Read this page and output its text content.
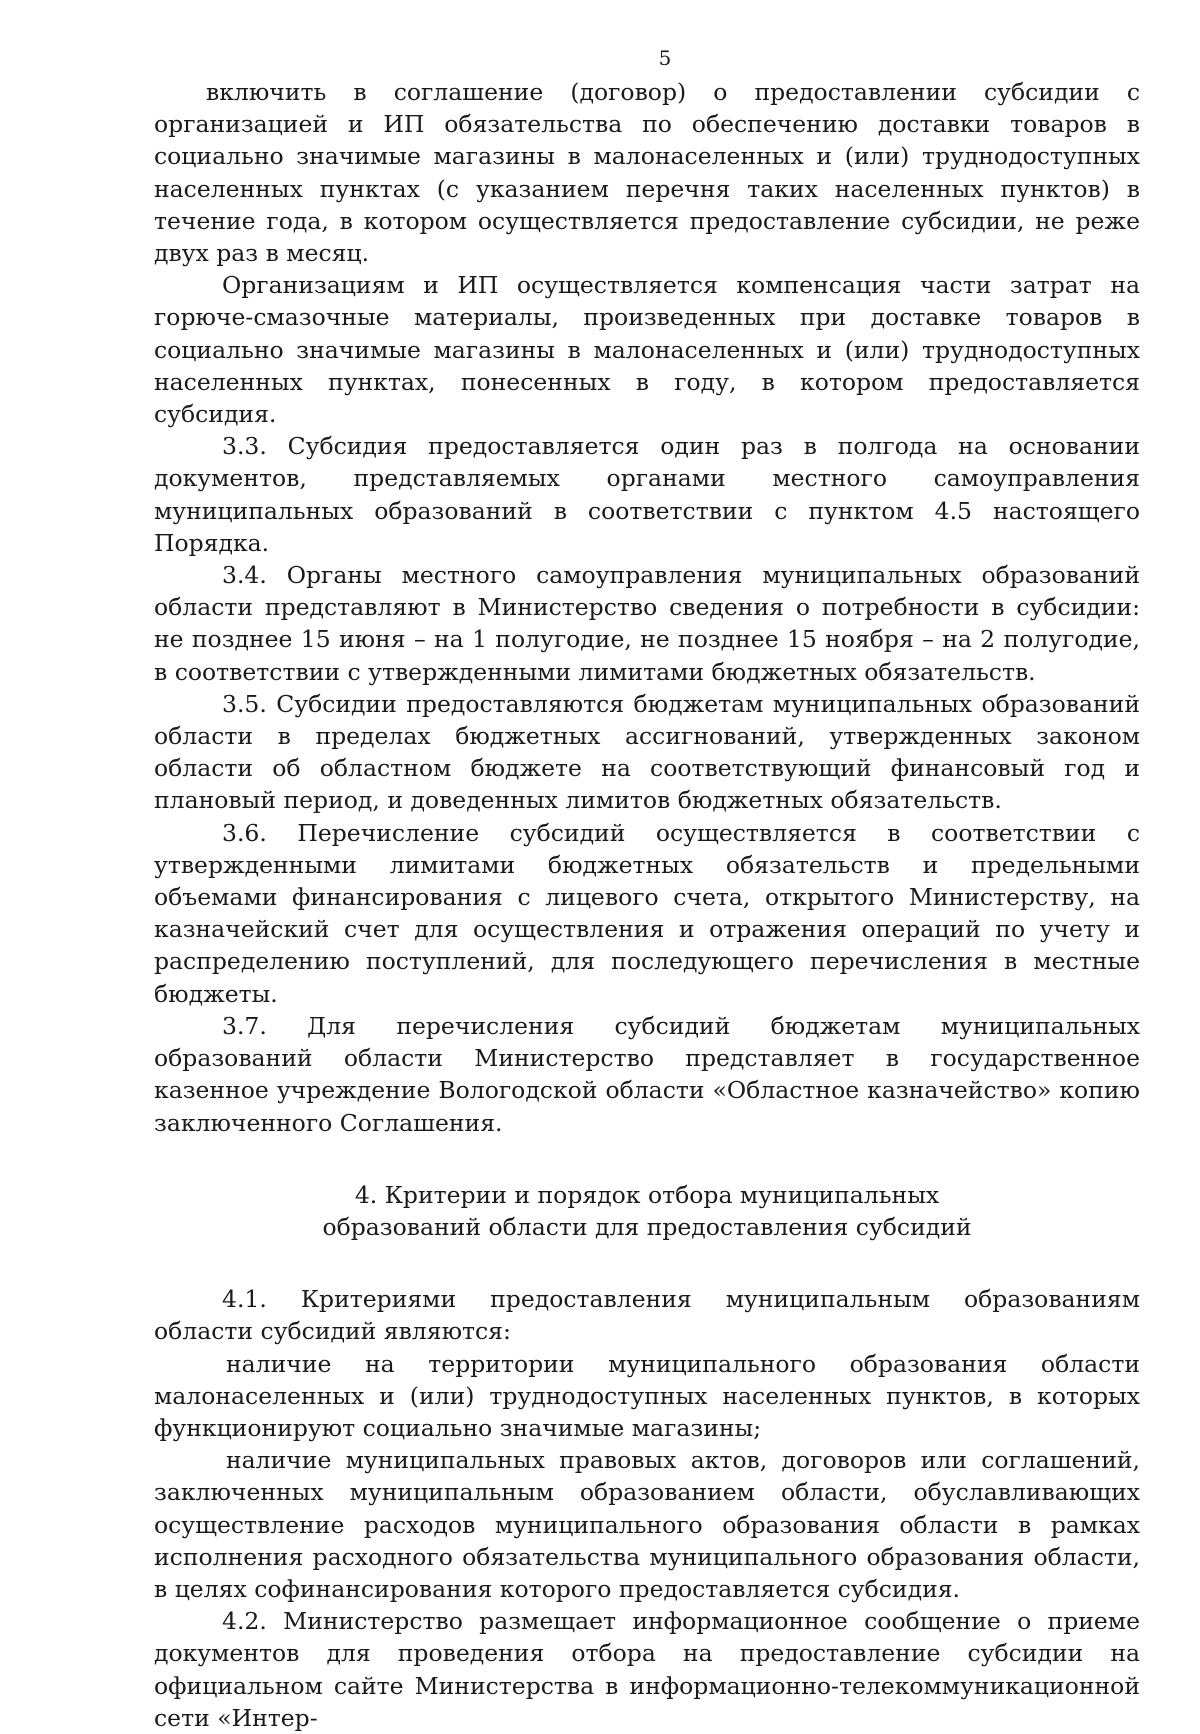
5

включить в соглашение (договор) о предоставлении субсидии с организацией и ИП обязательства по обеспечению доставки товаров в социально значимые магазины в малонаселенных и (или) труднодоступных населенных пунктах (с указанием перечня таких населенных пунктов) в течение года, в котором осуществляется предоставление субсидии, не реже двух раз в месяц.

Организациям и ИП осуществляется компенсация части затрат на горюче-смазочные материалы, произведенных при доставке товаров в социально значимые магазины в малонаселенных и (или) труднодоступных населенных пунктах, понесенных в году, в котором предоставляется субсидия.

3.3. Субсидия предоставляется один раз в полгода на основании документов, представляемых органами местного самоуправления муниципальных образований в соответствии с пунктом 4.5 настоящего Порядка.

3.4. Органы местного самоуправления муниципальных образований области представляют в Министерство сведения о потребности в субсидии: не позднее 15 июня – на 1 полугодие, не позднее 15 ноября – на 2 полугодие, в соответствии с утвержденными лимитами бюджетных обязательств.

3.5. Субсидии предоставляются бюджетам муниципальных образований области в пределах бюджетных ассигнований, утвержденных законом области об областном бюджете на соответствующий финансовый год и плановый период, и доведенных лимитов бюджетных обязательств.

3.6. Перечисление субсидий осуществляется в соответствии с утвержденными лимитами бюджетных обязательств и предельными объемами финансирования с лицевого счета, открытого Министерству, на казначейский счет для осуществления и отражения операций по учету и распределению поступлений, для последующего перечисления в местные бюджеты.

3.7. Для перечисления субсидий бюджетам муниципальных образований области Министерство представляет в государственное казенное учреждение Вологодской области «Областное казначейство» копию заключенного Соглашения.

4. Критерии и порядок отбора муниципальных
образований области для предоставления субсидий

4.1. Критериями предоставления муниципальным образованиям области субсидий являются:

наличие на территории муниципального образования области малонаселенных и (или) труднодоступных населенных пунктов, в которых функционируют социально значимые магазины;

наличие муниципальных правовых актов, договоров или соглашений, заключенных муниципальным образованием области, обуславливающих осуществление расходов муниципального образования области в рамках исполнения расходного обязательства муниципального образования области, в целях софинансирования которого предоставляется субсидия.

4.2. Министерство размещает информационное сообщение о приеме документов для проведения отбора на предоставление субсидии на официальном сайте Министерства в информационно-телекоммуникационной сети «Интер-
